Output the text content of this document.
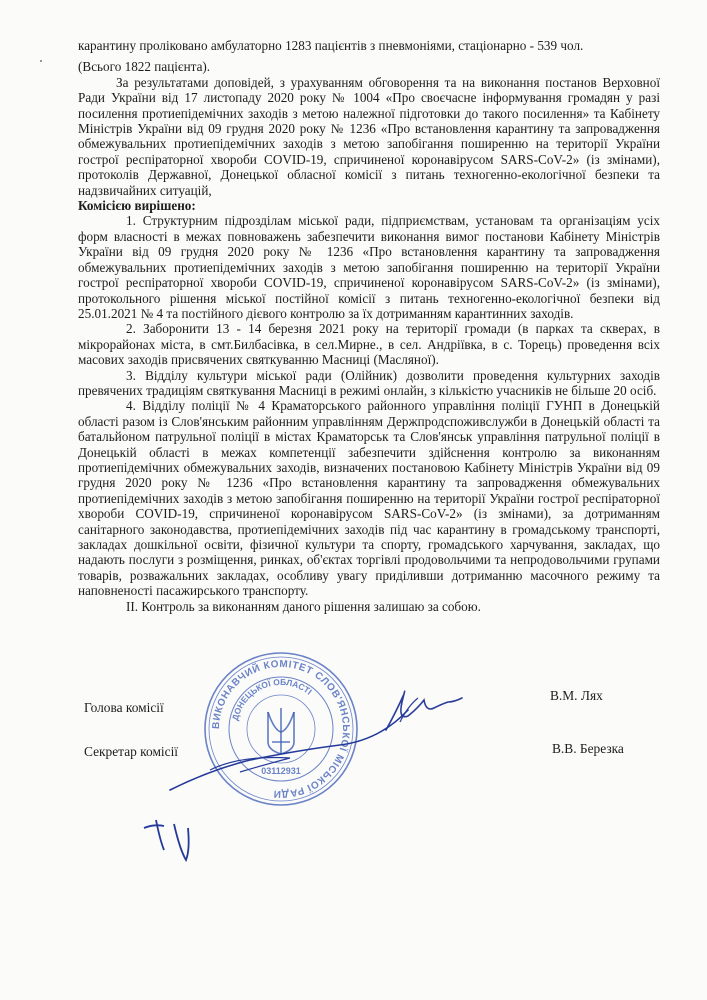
карантину пролiковано амбулаторно 1283 пацiєнтiв з пневмонiями, стацiонарно - 539 чол.

(Всього 1822 пацієнта).

За результатами доповідей, з урахуванням обговорення та на виконання постанов Верховної Ради України від 17 листопаду 2020 року № 1004 «Про своєчасне інформування громадян у разі посилення протиепідемічних заходів з метою належної підготовки до такого посилення» та Кабінету Міністрів України від 09 грудня 2020 року № 1236 «Про встановлення карантину та запровадження обмежувальних протиепідемічних заходів з метою запобігання поширенню на території України гострої респіраторної хвороби COVID-19, спричиненої коронавірусом SARS-CoV-2» (із змінами), протоколів Державної, Донецької обласної комісії з питань техногенно-екологічної безпеки та надзвичайних ситуацій,

Комісією вирішено:

1. Структурним підрозділам міської ради, підприємствам, установам та організаціям усіх форм власності в межах повноважень забезпечити виконання вимог постанови Кабінету Міністрів України від 09 грудня 2020 року № 1236 «Про встановлення карантину та запровадження обмежувальних протиепідемічних заходів з метою запобігання поширенню на території України гострої респіраторної хвороби COVID-19, спричиненої коронавірусом SARS-CoV-2» (із змінами), протокольного рішення міської постійної комісії з питань техногенно-екологічної безпеки від 25.01.2021 № 4 та постійного дієвого контролю за їх дотриманням карантинних заходів.

2. Заборонити 13 - 14 березня 2021 року на території громади (в парках та скверах, в мікрорайонах міста, в смт.Билбасівка, в сел.Мирне., в сел. Андріївка, в с. Торець) проведення всіх масових заходів присвячених святкуванню Масниці (Масляної).

3. Відділу культури міської ради (Олійник) дозволити проведення культурних заходів превячених традиціям святкування Масниці в режимі онлайн, з кількістю учасників не більше 20 осіб.

4. Відділу поліції № 4 Краматорського районного управління поліції ГУНП в Донецькій області разом із Слов'янським районним управлінням Держпродспоживслужби в Донецькій області та батальйоном патрульної поліції в містах Краматорськ та Слов'янськ управління патрульної поліції в Донецькій області в межах компетенції забезпечити здійснення контролю за виконанням протиепідемічних обмежувальних заходів, визначених постановою Кабінету Міністрів України від 09 грудня 2020 року № 1236 «Про встановлення карантину та запровадження обмежувальних протиепідемічних заходів з метою запобігання поширенню на території України гострої респіраторної хвороби COVID-19, спричиненої коронавірусом SARS-CoV-2» (із змінами), за дотриманням санітарного законодавства, протиепідемічних заходів під час карантину в громадському транспорті, закладах дошкільної освіти, фізичної культури та спорту, громадського харчування, закладах, що надають послуги з розміщення, ринках, об'єктах торгівлі продовольчими та непродовольчими групами товарів, розважальних закладах, особливу увагу приділивши дотриманню масочного режиму та наповненості пасажирського транспорту.

ІІ. Контроль за виконанням даного рішення залишаю за собою.

Голова комісії
В.М. Лях
Секретар комісії	В.В. Березка
ВИКОНАВЧИЙ КОМІТЕТ СЛОВ'ЯНСЬКОЇ МІСЬКОЇ РАДИ
ДОНЕЦЬКОЇ ОБЛАСТІ
03112931
